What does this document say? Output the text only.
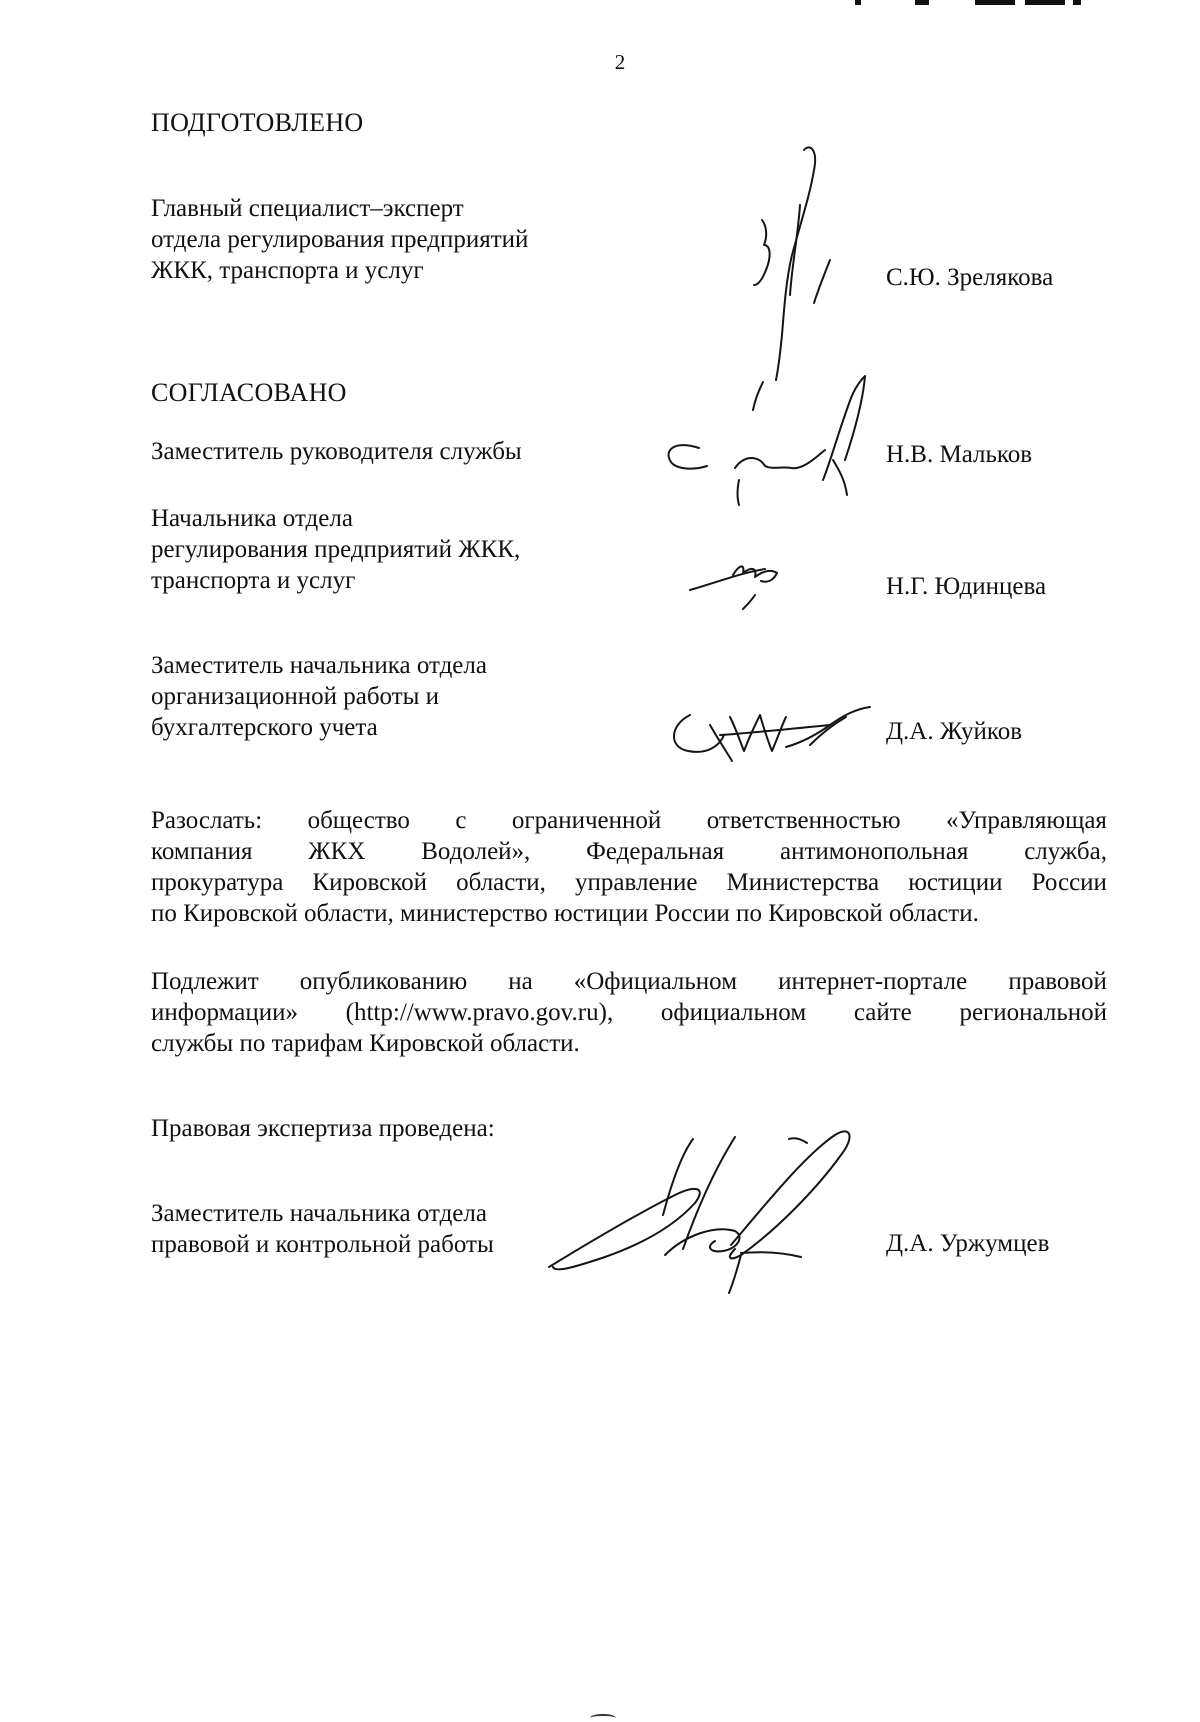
2
ПОДГОТОВЛЕНО
Главный специалист–эксперт
отдела регулирования предприятий
ЖКК, транспорта и услуг	С.Ю. Зрелякова
СОГЛАСОВАНО
Заместитель руководителя службы	Н.В. Мальков
Начальника отдела
регулирования предприятий ЖКК,
транспорта и услуг	Н.Г. Юдинцева
Заместитель начальника отдела
организационной работы и
бухгалтерского учета	Д.А. Жуйков
Разослать: общество с ограниченной ответственностью «Управляющая
компания ЖКХ Водолей», Федеральная антимонопольная служба,
прокуратура Кировской области, управление Министерства юстиции России
по Кировской области, министерство юстиции России по Кировской области.
Подлежит опубликованию на «Официальном интернет-портале правовой
информации» (http://www.pravo.gov.ru), официальном сайте региональной
службы по тарифам Кировской области.
Правовая экспертиза проведена:
Заместитель начальника отдела
правовой и контрольной работы	Д.А. Уржумцев
